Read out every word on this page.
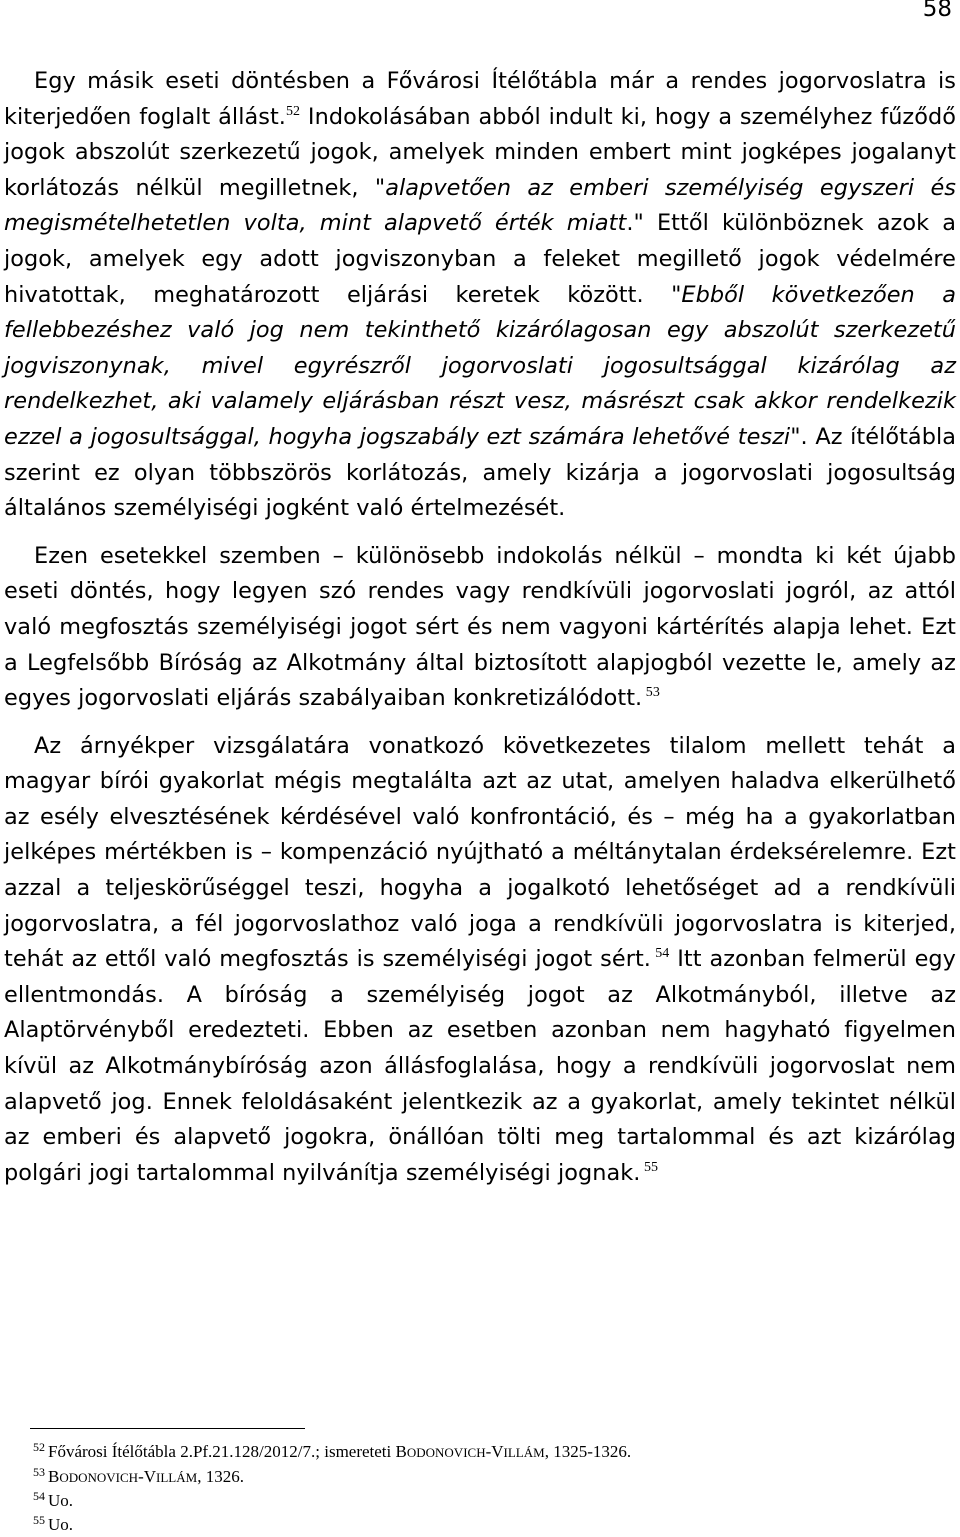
58

Egy másik eseti döntésben a Fővárosi Ítélőtábla már a rendes jogorvoslatra is kiterjedően foglalt állást.$^{52}$ Indokolásában abból indult ki, hogy a személyhez fűződő jogok abszolút szerkezetű jogok, amelyek minden embert mint jogképes jogalanyt korlátozás nélkül megilletnek, "alapvetően az emberi személyiség egyszeri és megismételhetetlen volta, mint alapvető érték miatt." Ettől különböznek azok a jogok, amelyek egy adott jogviszonyban a feleket megillető jogok védelmére hivatottak, meghatározott eljárási keretek között. "Ebből következően a fellebbezéshez való jog nem tekinthető kizárólagosan egy abszolút szerkezetű jogviszonynak, mivel egyrészről jogorvoslati jogosultsággal kizárólag az rendelkezhet, aki valamely eljárásban részt vesz, másrészt csak akkor rendelkezik ezzel a jogosultsággal, hogyha jogszabály ezt számára lehetővé teszi". Az ítélőtábla szerint ez olyan többszörös korlátozás, amely kizárja a jogorvoslati jogosultság általános személyiségi jogként való értelmezését.

Ezen esetekkel szemben – különösebb indokolás nélkül – mondta ki két újabb eseti döntés, hogy legyen szó rendes vagy rendkívüli jogorvoslati jogról, az attól való megfosztás személyiségi jogot sért és nem vagyoni kártérítés alapja lehet. Ezt a Legfelsőbb Bíróság az Alkotmány által biztosított alapjogból vezette le, amely az egyes jogorvoslati eljárás szabályaiban konkretizálódott. $^{53}$

Az árnyékper vizsgálatára vonatkozó következetes tilalom mellett tehát a magyar bírói gyakorlat mégis megtalálta azt az utat, amelyen haladva elkerülhető az esély elvesztésének kérdésével való konfrontáció, és – még ha a gyakorlatban jelképes mértékben is – kompenzáció nyújtható a méltánytalan érdeksérelemre. Ezt azzal a teljeskörűséggel teszi, hogyha a jogalkotó lehetőséget ad a rendkívüli jogorvoslatra, a fél jogorvoslathoz való joga a rendkívüli jogorvoslatra is kiterjed, tehát az ettől való megfosztás is személyiségi jogot sért. $^{54}$ Itt azonban felmerül egy ellentmondás. A bíróság a személyiség jogot az Alkotmányból, illetve az Alaptörvényből eredezteti. Ebben az esetben azonban nem hagyható figyelmen kívül az Alkotmánybíróság azon állásfoglalása, hogy a rendkívüli jogorvoslat nem alapvető jog. Ennek feloldásaként jelentkezik az a gyakorlat, amely tekintet nélkül az emberi és alapvető jogokra, önállóan tölti meg tartalommal és azt kizárólag polgári jogi tartalommal nyilvánítja személyiségi jognak. $^{55}$

$^{52}$ Fővárosi Ítélőtábla 2.Pf.21.128/2012/7.; ismereteti BODONOVICH-VILLÁM, 1325-1326.
$^{53}$ BODONOVICH-VILLÁM, 1326.
$^{54}$ Uo.
$^{55}$ Uo.
